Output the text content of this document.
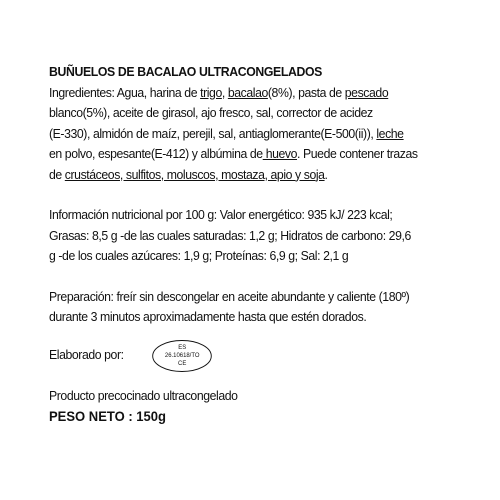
BUÑUELOS DE BACALAO ULTRACONGELADOS
Ingredientes: Agua, harina de trigo, bacalao(8%), pasta de pescado
blanco(5%), aceite de girasol, ajo fresco, sal, corrector de acidez
(E-330), almidón de maíz, perejil, sal, antiaglomerante(E-500(ii)), leche
en polvo, espesante(E-412) y albúmina de huevo. Puede contener trazas
de crustáceos, sulfitos, moluscos, mostaza, apio y soja.
Información nutricional por 100 g: Valor energético: 935 kJ/ 223 kcal;
Grasas: 8,5 g -de las cuales saturadas: 1,2 g; Hidratos de carbono: 29,6
g -de los cuales azúcares: 1,9 g; Proteínas: 6,9 g; Sal: 2,1 g
Preparación: freír sin descongelar en aceite abundante y caliente (180º)
durante 3 minutos aproximadamente hasta que estén dorados.
Elaborado por:
ES
26.10618/TO
CE
Producto precocinado ultracongelado
PESO NETO : 150g
